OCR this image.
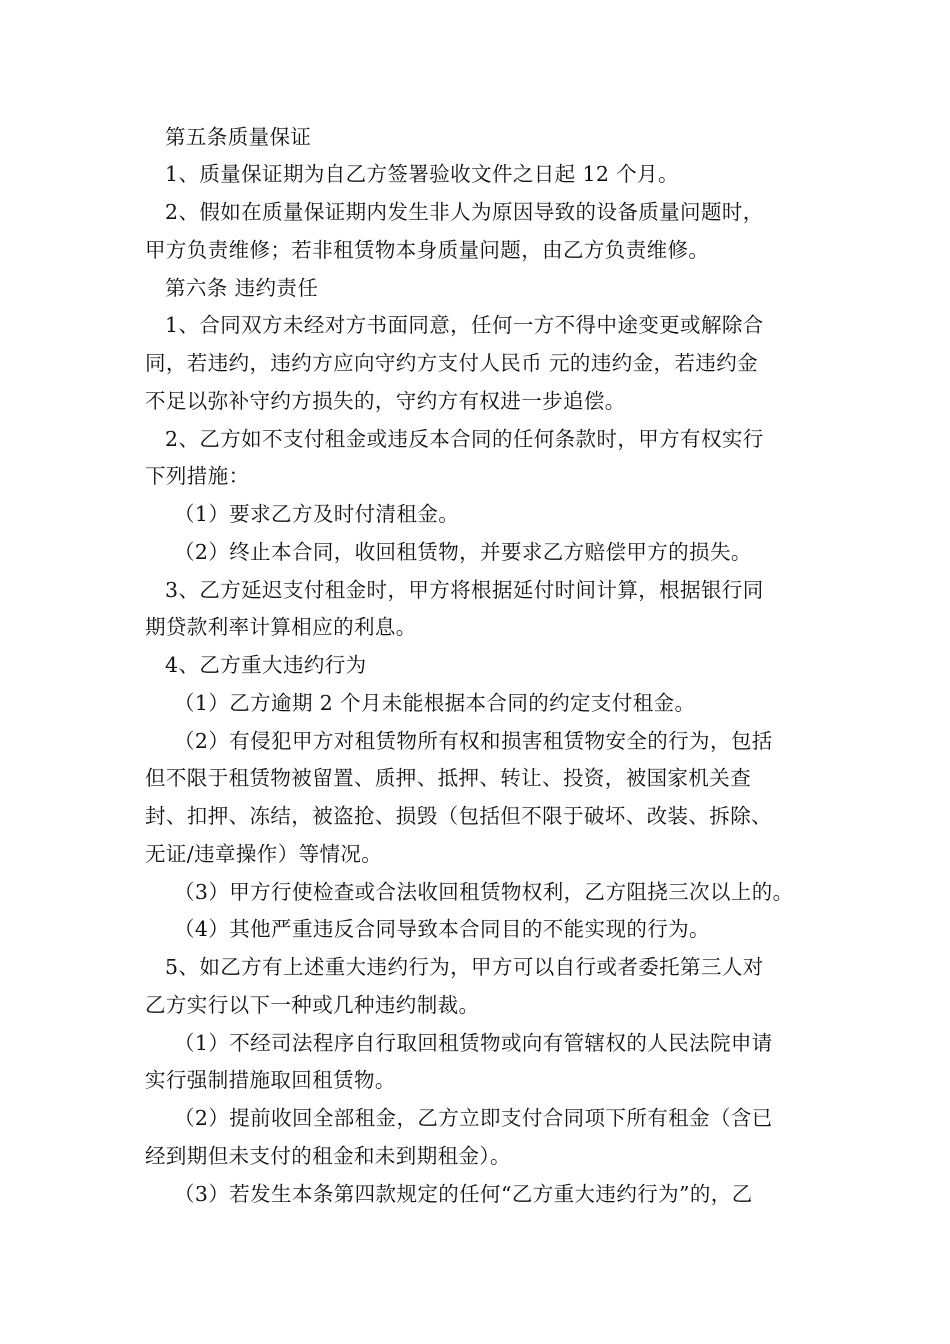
第五条质量保证
1、质量保证期为自乙方签署验收文件之日起 12 个月。
2、假如在质量保证期内发生非人为原因导致的设备质量问题时，
甲方负责维修；若非租赁物本身质量问题，由乙方负责维修。
第六条 违约责任
1、合同双方未经对方书面同意，任何一方不得中途变更或解除合
同，若违约，违约方应向守约方支付人民币 元的违约金，若违约金
不足以弥补守约方损失的，守约方有权进一步追偿。
2、乙方如不支付租金或违反本合同的任何条款时，甲方有权实行
下列措施：
（1）要求乙方及时付清租金。
（2）终止本合同，收回租赁物，并要求乙方赔偿甲方的损失。
3、乙方延迟支付租金时，甲方将根据延付时间计算，根据银行同
期贷款利率计算相应的利息。
4、乙方重大违约行为
（1）乙方逾期 2 个月未能根据本合同的约定支付租金。
（2）有侵犯甲方对租赁物所有权和损害租赁物安全的行为，包括
但不限于租赁物被留置、质押、抵押、转让、投资，被国家机关查
封、扣押、冻结，被盗抢、损毁（包括但不限于破坏、改装、拆除、
无证/违章操作）等情况。
（3）甲方行使检查或合法收回租赁物权利，乙方阻挠三次以上的。
（4）其他严重违反合同导致本合同目的不能实现的行为。
5、如乙方有上述重大违约行为，甲方可以自行或者委托第三人对
乙方实行以下一种或几种违约制裁。
（1）不经司法程序自行取回租赁物或向有管辖权的人民法院申请
实行强制措施取回租赁物。
（2）提前收回全部租金，乙方立即支付合同项下所有租金（含已
经到期但未支付的租金和未到期租金）。
（3）若发生本条第四款规定的任何“乙方重大违约行为”的，乙
